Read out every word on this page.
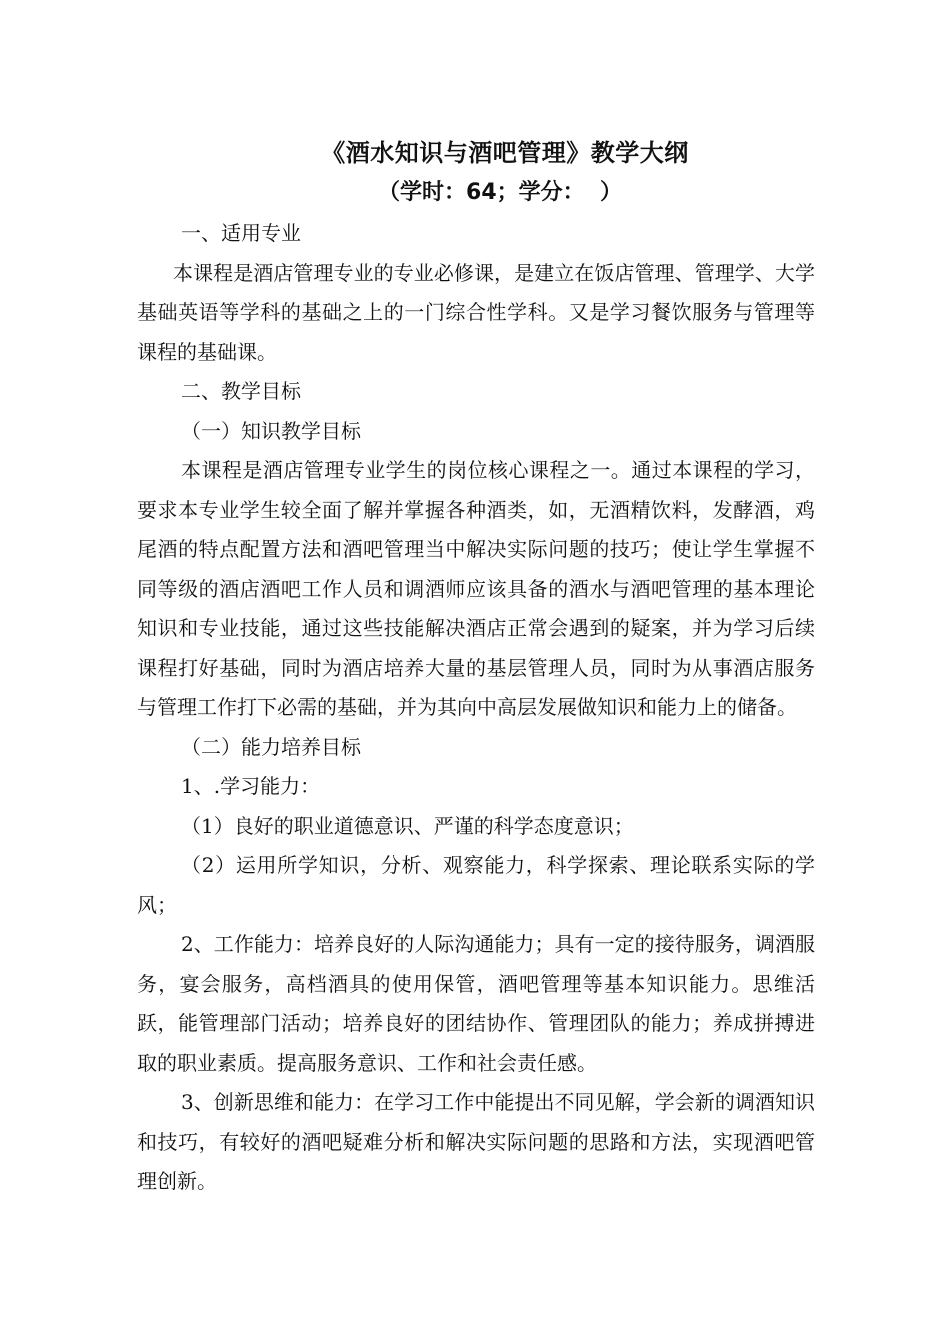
《酒水知识与酒吧管理》教学大纲
（学时：64；学分：  ）

一、适用专业

本课程是酒店管理专业的专业必修课，是建立在饭店管理、管理学、大学基础英语等学科的基础之上的一门综合性学科。又是学习餐饮服务与管理等课程的基础课。

二、教学目标

（一）知识教学目标

本课程是酒店管理专业学生的岗位核心课程之一。通过本课程的学习，要求本专业学生较全面了解并掌握各种酒类，如，无酒精饮料，发酵酒，鸡尾酒的特点配置方法和酒吧管理当中解决实际问题的技巧；使让学生掌握不同等级的酒店酒吧工作人员和调酒师应该具备的酒水与酒吧管理的基本理论知识和专业技能，通过这些技能解决酒店正常会遇到的疑案，并为学习后续课程打好基础，同时为酒店培养大量的基层管理人员，同时为从事酒店服务与管理工作打下必需的基础，并为其向中高层发展做知识和能力上的储备。

（二）能力培养目标

1、.学习能力：

（1）良好的职业道德意识、严谨的科学态度意识；

（2）运用所学知识，分析、观察能力，科学探索、理论联系实际的学风；

2、工作能力：培养良好的人际沟通能力；具有一定的接待服务，调酒服务，宴会服务，高档酒具的使用保管，酒吧管理等基本知识能力。思维活跃，能管理部门活动；培养良好的团结协作、管理团队的能力；养成拼搏进取的职业素质。提高服务意识、工作和社会责任感。

3、创新思维和能力：在学习工作中能提出不同见解，学会新的调酒知识和技巧，有较好的酒吧疑难分析和解决实际问题的思路和方法，实现酒吧管理创新。
